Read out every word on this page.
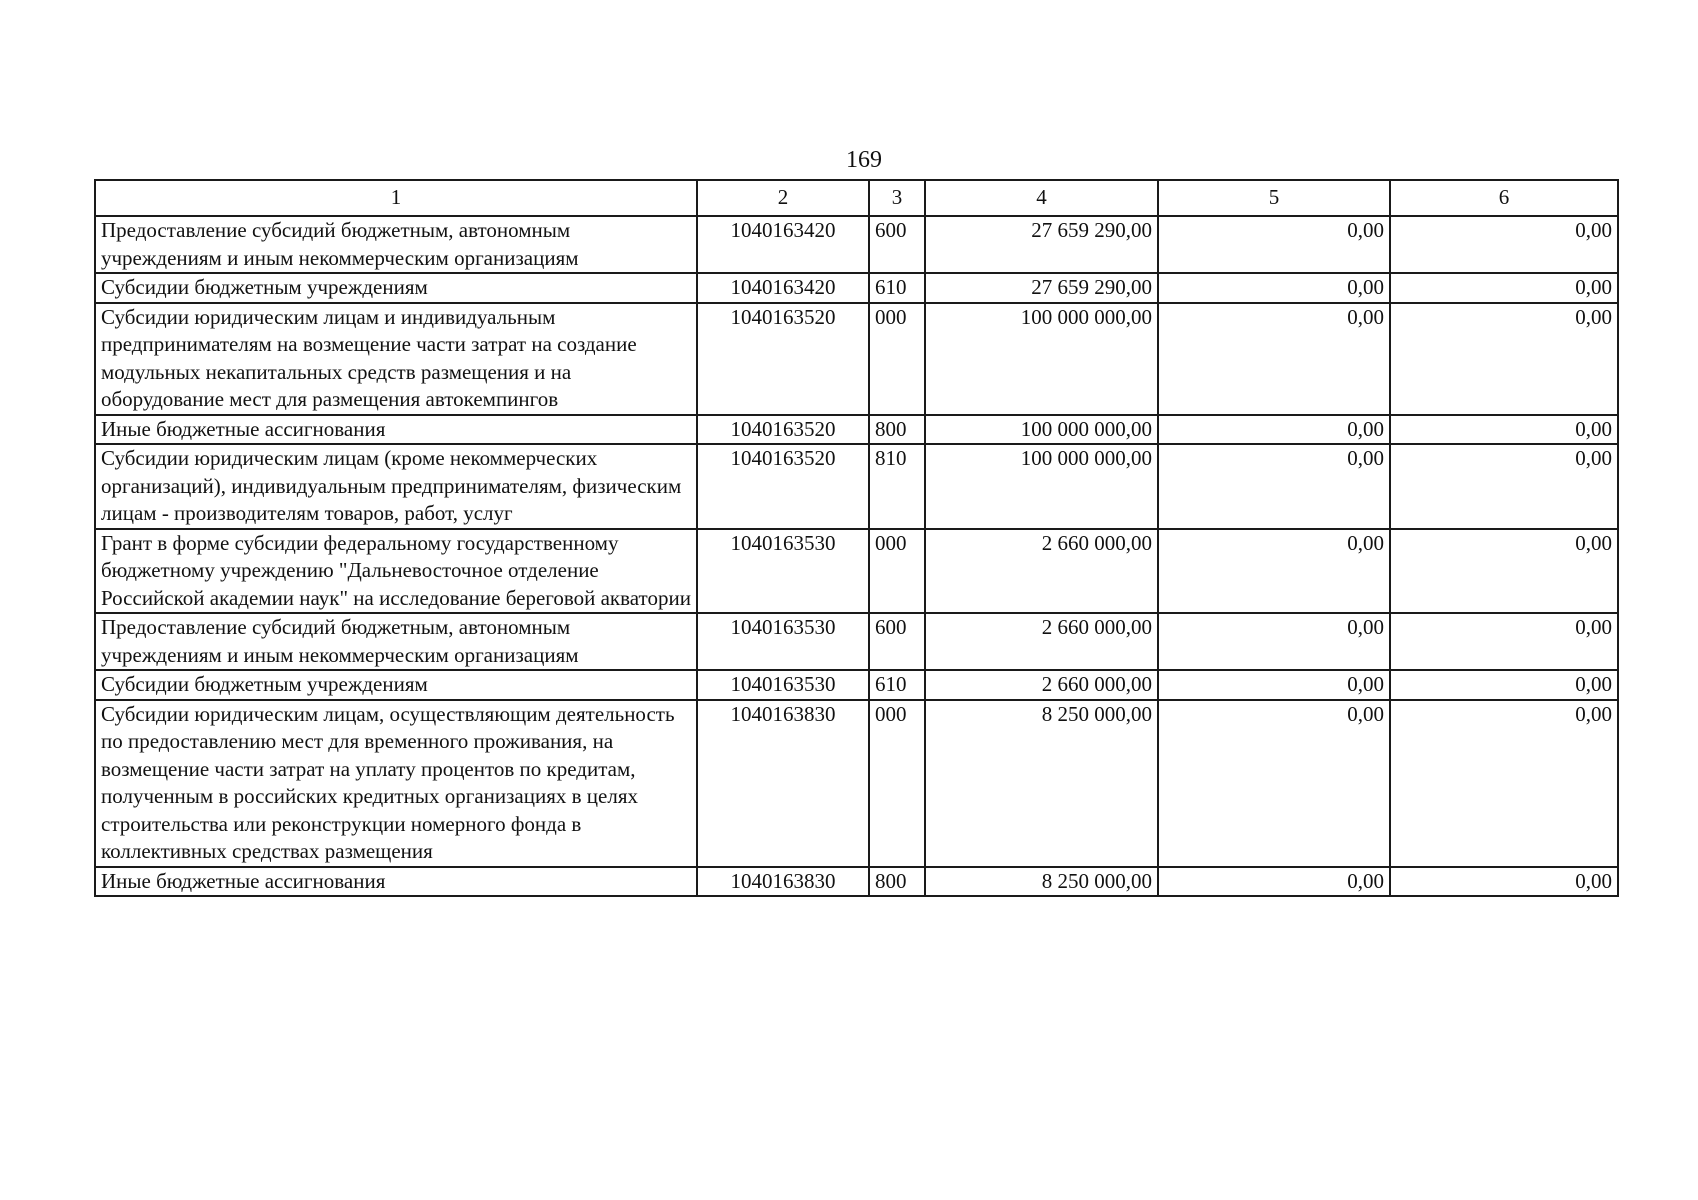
169
1	2	3	4	5	6
Предоставление субсидий бюджетным, автономным учреждениям и иным некоммерческим организациям	1040163420	600	27 659 290,00	0,00	0,00
Субсидии бюджетным учреждениям	1040163420	610	27 659 290,00	0,00	0,00
Субсидии юридическим лицам и индивидуальным предпринимателям на возмещение части затрат на создание модульных некапитальных средств размещения и на оборудование мест для размещения автокемпингов	1040163520	000	100 000 000,00	0,00	0,00
Иные бюджетные ассигнования	1040163520	800	100 000 000,00	0,00	0,00
Субсидии юридическим лицам (кроме некоммерческих организаций), индивидуальным предпринимателям, физическим лицам - производителям товаров, работ, услуг	1040163520	810	100 000 000,00	0,00	0,00
Грант в форме субсидии федеральному государственному бюджетному учреждению "Дальневосточное отделение Российской академии наук" на исследование береговой акватории	1040163530	000	2 660 000,00	0,00	0,00
Предоставление субсидий бюджетным, автономным учреждениям и иным некоммерческим организациям	1040163530	600	2 660 000,00	0,00	0,00
Субсидии бюджетным учреждениям	1040163530	610	2 660 000,00	0,00	0,00
Субсидии юридическим лицам, осуществляющим деятельность по предоставлению мест для временного проживания, на возмещение части затрат на уплату процентов по кредитам, полученным в российских кредитных организациях в целях строительства или реконструкции номерного фонда в коллективных средствах размещения	1040163830	000	8 250 000,00	0,00	0,00
Иные бюджетные ассигнования	1040163830	800	8 250 000,00	0,00	0,00
